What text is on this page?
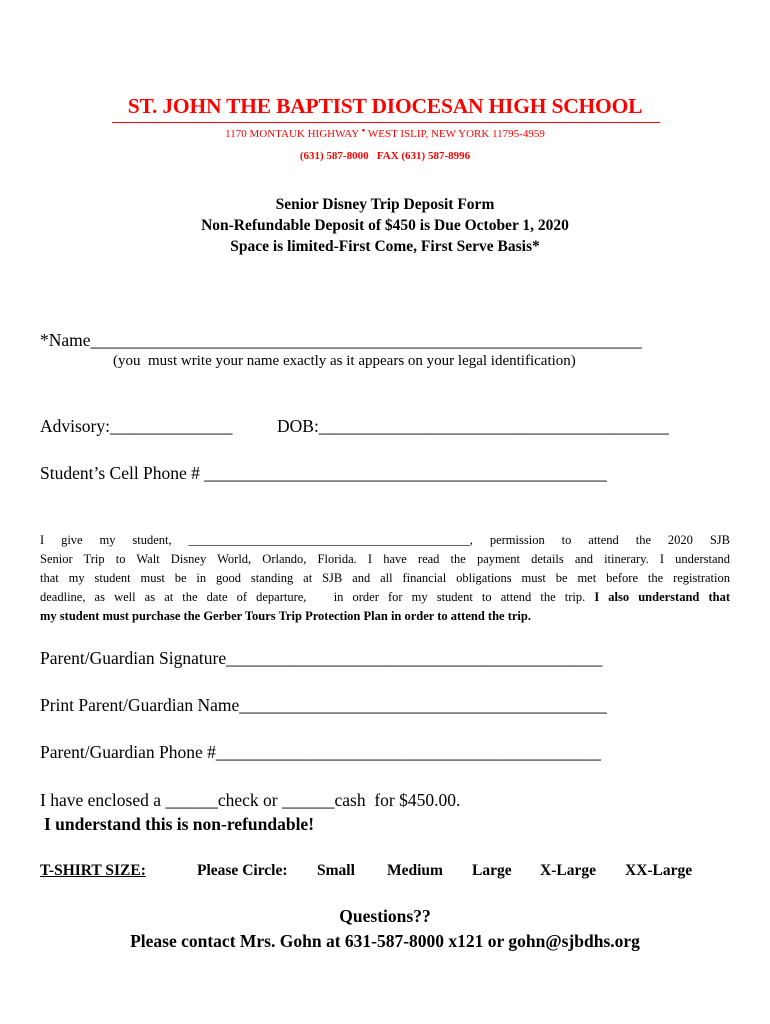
ST. JOHN THE BAPTIST DIOCESAN HIGH SCHOOL
1170 MONTAUK HIGHWAY • WEST ISLIP, NEW YORK 11795-4959
(631) 587-8000   FAX (631) 587-8996
Senior Disney Trip Deposit Form
Non-Refundable Deposit of $450 is Due October 1, 2020
Space is limited-First Come, First Serve Basis*
*Name_______________________________________________________________
(you  must write your name exactly as it appears on your legal identification)
Advisory:______________	DOB:________________________________________
Student’s Cell Phone # ______________________________________________
I give my student, _____________________________________________, permission to attend the 2020 SJB
Senior Trip to Walt Disney World, Orlando, Florida. I have read the payment details and itinerary. I understand
that my student must be in good standing at SJB and all financial obligations must be met before the registration
deadline, as well as at the date of departure,   in order for my student to attend the trip. I also understand that
my student must purchase the Gerber Tours Trip Protection Plan in order to attend the trip.
Parent/Guardian Signature___________________________________________
Print Parent/Guardian Name__________________________________________
Parent/Guardian Phone #____________________________________________
I have enclosed a ______check or ______cash  for $450.00.
I understand this is non-refundable!
T-SHIRT SIZE:	Please Circle: Small Medium Large X-Large XX-Large
Questions??
Please contact Mrs. Gohn at 631-587-8000 x121 or gohn@sjbdhs.org
